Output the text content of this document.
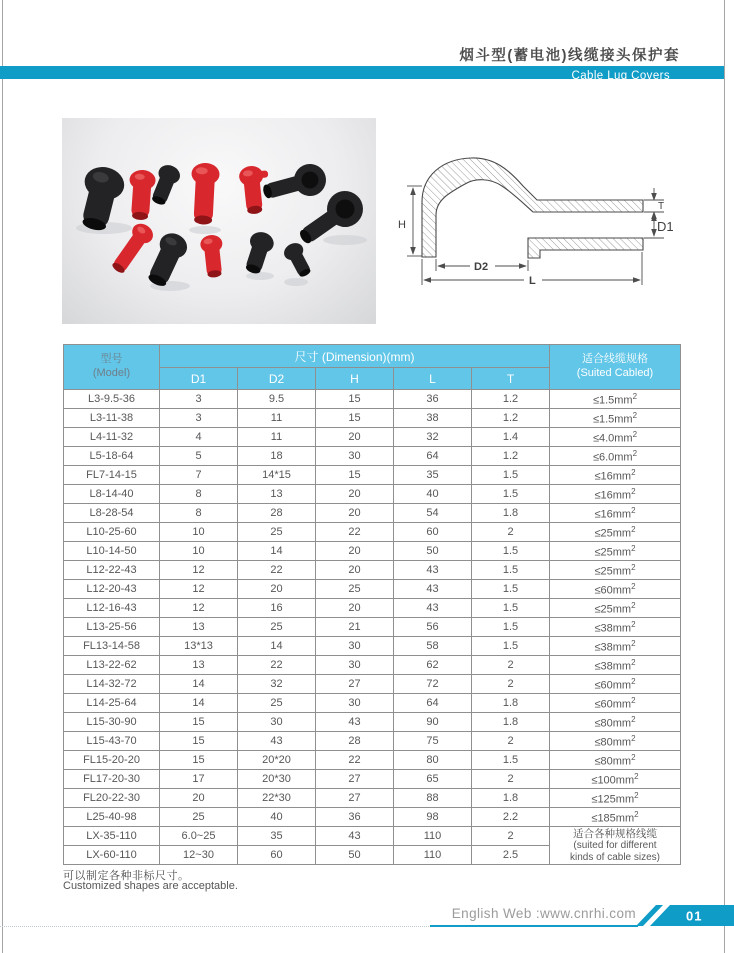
烟斗型(蓄电池)线缆接头保护套
Cable Lug Covers
H
D2
L
T
D1
型号
(Model)
	尺寸 (Dimension)(mm)	适合线缆规格
(Suited Cabled)

	D1	D2	H	L	T	
L3-9.5-36	3	9.5	15	36	1.2	$\le 1.5mm^2$
L3-11-38	3	11	15	38	1.2	$\le 1.5mm^2$
L4-11-32	4	11	20	32	1.4	$\le 4.0mm^2$
L5-18-64	5	18	30	64	1.2	$\le 6.0mm^2$
FL7-14-15	7	14*15	15	35	1.5	$\le 16mm^2$
L8-14-40	8	13	20	40	1.5	$\le 16mm^2$
L8-28-54	8	28	20	54	1.8	$\le 16mm^2$
L10-25-60	10	25	22	60	2	$\le 25mm^2$
L10-14-50	10	14	20	50	1.5	$\le 25mm^2$
L12-22-43	12	22	20	43	1.5	$\le 25mm^2$
L12-20-43	12	20	25	43	1.5	$\le 60mm^2$
L12-16-43	12	16	20	43	1.5	$\le 25mm^2$
L13-25-56	13	25	21	56	1.5	$\le 38mm^2$
FL13-14-58	13*13	14	30	58	1.5	$\le 38mm^2$
L13-22-62	13	22	30	62	2	$\le 38mm^2$
L14-32-72	14	32	27	72	2	$\le 60mm^2$
L14-25-64	14	25	30	64	1.8	$\le 60mm^2$
L15-30-90	15	30	43	90	1.8	$\le 80mm^2$
L15-43-70	15	43	28	75	2	$\le 80mm^2$
FL15-20-20	15	20*20	22	80	1.5	$\le 80mm^2$
FL17-20-30	17	20*30	27	65	2	$\le 100mm^2$
FL20-22-30	20	22*30	27	88	1.8	$\le 125mm^2$
L25-40-98	25	40	36	98	2.2	$\le 185mm^2$
LX-35-110	6.0~25	35	43	110	2	适合各种规格线缆
(suited for different
kinds of cable sizes)

LX-60-110	12~30	60	50	110	2.5	
可以制定各种非标尺寸。
Customized shapes are acceptable.
English Web :www.cnrhi.com	01
